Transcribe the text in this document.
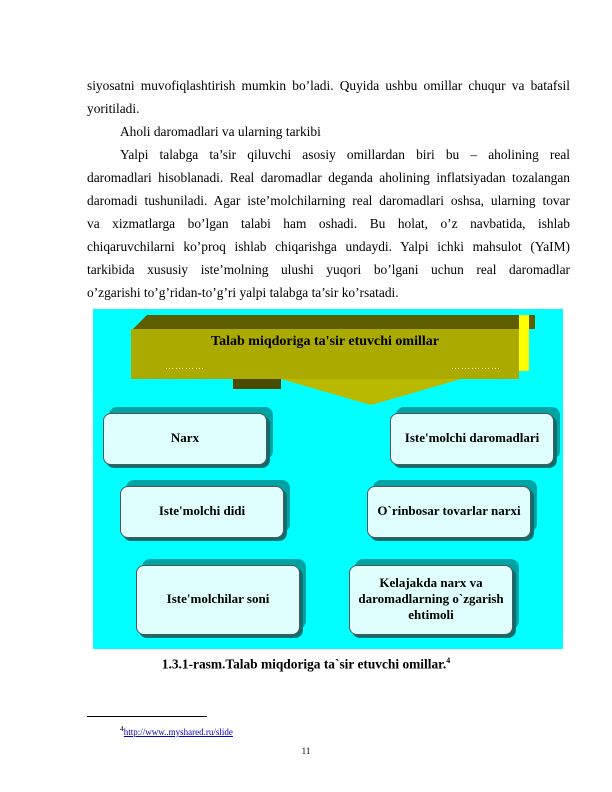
siyosatni muvofiqlashtirish mumkin bo’ladi. Quyida ushbu omillar chuqur va batafsil
yoritiladi.
Aholi daromadlari va ularning tarkibi
Yalpi talabga ta’sir qiluvchi asosiy omillardan biri bu – aholining real
daromadlari hisoblanadi. Real daromadlar deganda aholining inflatsiyadan tozalangan
daromadi tushuniladi. Agar iste’molchilarning real daromadlari oshsa, ularning tovar
va xizmatlarga bo’lgan talabi ham oshadi. Bu holat, o’z navbatida, ishlab
chiqaruvchilarni ko’proq ishlab chiqarishga undaydi. Yalpi ichki mahsulot (YaIM)
tarkibida xususiy iste’molning ulushi yuqori bo’lgani uchun real daromadlar
o’zgarishi to’g’ridan-to’g’ri yalpi talabga ta’sir ko’rsatadi.
Talab miqdoriga ta'sir etuvchi omillar
…………	……………
Narx	Iste'molchi daromadlari
Iste'molchi didi	O`rinbosar tovarlar narxi
Iste'molchilar soni
Kelajakda narx va daromadlarning o`zgarish ehtimoli
1.3.1-rasm.Talab miqdoriga ta`sir etuvchi omillar.$^4$
$^4$http://www..myshared.ru/slide
11
